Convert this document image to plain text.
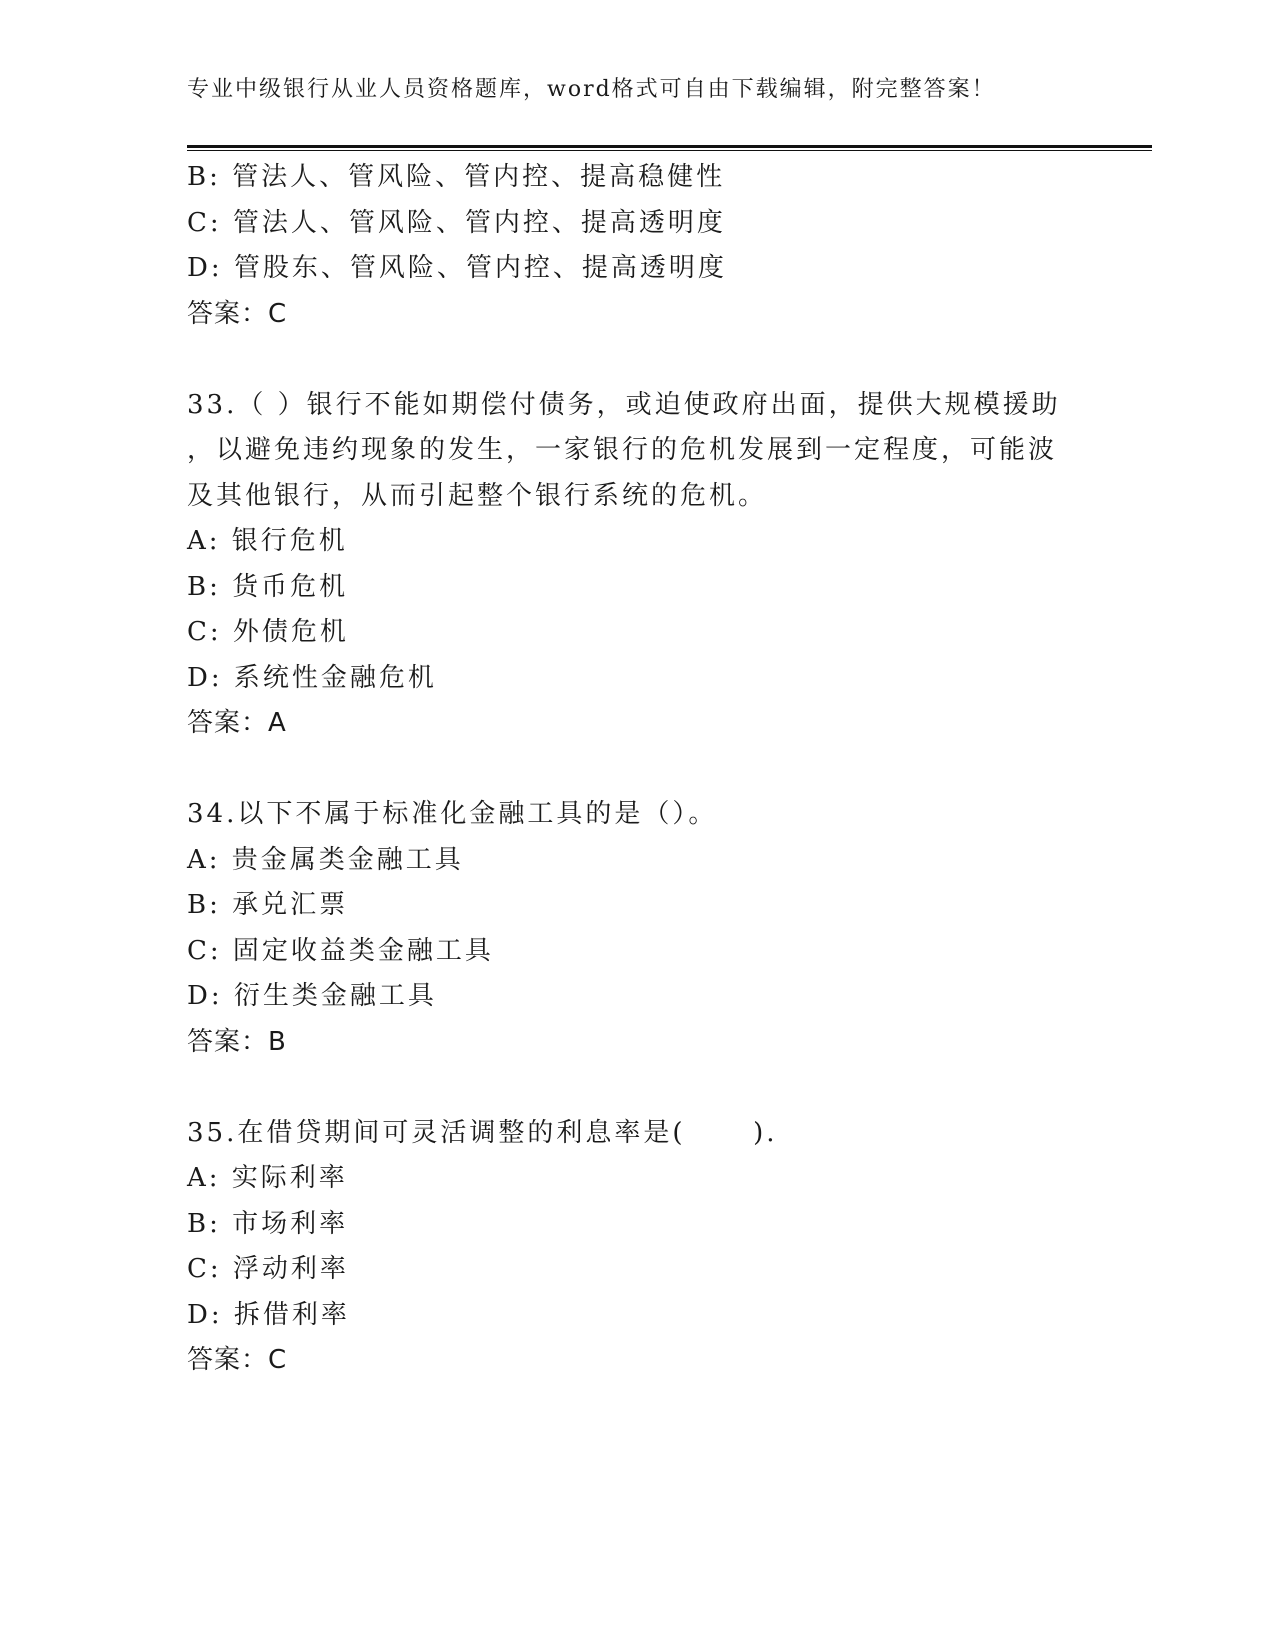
专业中级银行从业人员资格题库，word格式可自由下载编辑，附完整答案！
B: 管法人、管风险、管内控、提高稳健性
C: 管法人、管风险、管内控、提高透明度
D: 管股东、管风险、管内控、提高透明度
答案：C
33.（ ）银行不能如期偿付债务，或迫使政府出面，提供大规模援助
，以避免违约现象的发生，一家银行的危机发展到一定程度，可能波
及其他银行，从而引起整个银行系统的危机。
A: 银行危机
B: 货币危机
C: 外债危机
D: 系统性金融危机
答案：A
34.以下不属于标准化金融工具的是（）。
A: 贵金属类金融工具
B: 承兑汇票
C: 固定收益类金融工具
D: 衍生类金融工具
答案：B
35.在借贷期间可灵活调整的利息率是(      ).
A: 实际利率
B: 市场利率
C: 浮动利率
D: 拆借利率
答案：C
